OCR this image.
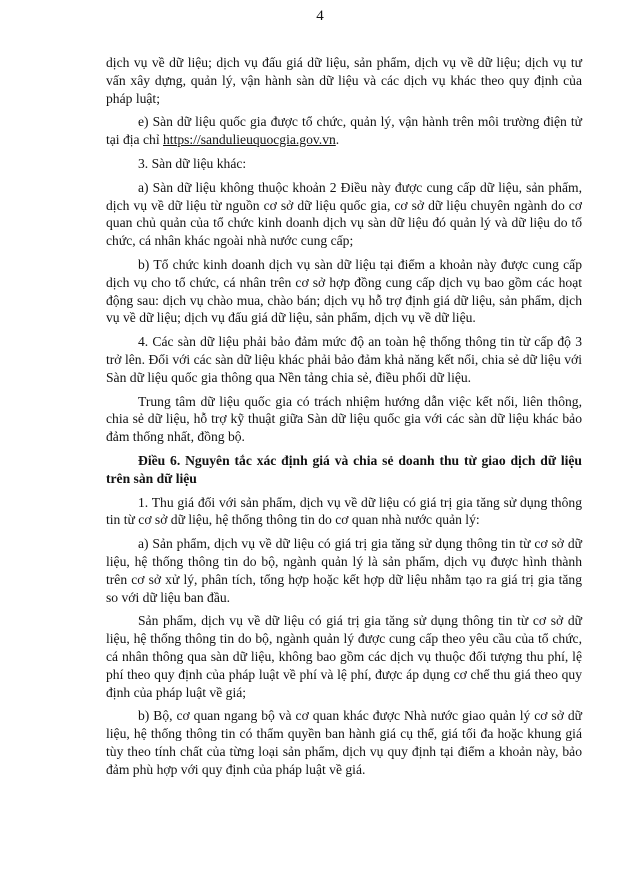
4

dịch vụ về dữ liệu; dịch vụ đấu giá dữ liệu, sản phẩm, dịch vụ về dữ liệu; dịch vụ tư vấn xây dựng, quản lý, vận hành sàn dữ liệu và các dịch vụ khác theo quy định của pháp luật;

e) Sàn dữ liệu quốc gia được tổ chức, quản lý, vận hành trên môi trường điện tử tại địa chỉ https://sandulieuquocgia.gov.vn.

3. Sàn dữ liệu khác:

a) Sàn dữ liệu không thuộc khoản 2 Điều này được cung cấp dữ liệu, sản phẩm, dịch vụ về dữ liệu từ nguồn cơ sở dữ liệu quốc gia, cơ sở dữ liệu chuyên ngành do cơ quan chủ quản của tổ chức kinh doanh dịch vụ sàn dữ liệu đó quản lý và dữ liệu do tổ chức, cá nhân khác ngoài nhà nước cung cấp;

b) Tổ chức kinh doanh dịch vụ sàn dữ liệu tại điểm a khoản này được cung cấp dịch vụ cho tổ chức, cá nhân trên cơ sở hợp đồng cung cấp dịch vụ bao gồm các hoạt động sau: dịch vụ chào mua, chào bán; dịch vụ hỗ trợ định giá dữ liệu, sản phẩm, dịch vụ về dữ liệu; dịch vụ đấu giá dữ liệu, sản phẩm, dịch vụ về dữ liệu.

4. Các sàn dữ liệu phải bảo đảm mức độ an toàn hệ thống thông tin từ cấp độ 3 trở lên. Đối với các sàn dữ liệu khác phải bảo đảm khả năng kết nối, chia sẻ dữ liệu với Sàn dữ liệu quốc gia thông qua Nền tảng chia sẻ, điều phối dữ liệu.

Trung tâm dữ liệu quốc gia có trách nhiệm hướng dẫn việc kết nối, liên thông, chia sẻ dữ liệu, hỗ trợ kỹ thuật giữa Sàn dữ liệu quốc gia với các sàn dữ liệu khác bảo đảm thống nhất, đồng bộ.

Điều 6. Nguyên tắc xác định giá và chia sẻ doanh thu từ giao dịch dữ liệu trên sàn dữ liệu

1. Thu giá đối với sản phẩm, dịch vụ về dữ liệu có giá trị gia tăng sử dụng thông tin từ cơ sở dữ liệu, hệ thống thông tin do cơ quan nhà nước quản lý:

a) Sản phẩm, dịch vụ về dữ liệu có giá trị gia tăng sử dụng thông tin từ cơ sở dữ liệu, hệ thống thông tin do bộ, ngành quản lý là sản phẩm, dịch vụ được hình thành trên cơ sở xử lý, phân tích, tổng hợp hoặc kết hợp dữ liệu nhằm tạo ra giá trị gia tăng so với dữ liệu ban đầu.

Sản phẩm, dịch vụ về dữ liệu có giá trị gia tăng sử dụng thông tin từ cơ sở dữ liệu, hệ thống thông tin do bộ, ngành quản lý được cung cấp theo yêu cầu của tổ chức, cá nhân thông qua sàn dữ liệu, không bao gồm các dịch vụ thuộc đối tượng thu phí, lệ phí theo quy định của pháp luật về phí và lệ phí, được áp dụng cơ chế thu giá theo quy định của pháp luật về giá;

b) Bộ, cơ quan ngang bộ và cơ quan khác được Nhà nước giao quản lý cơ sở dữ liệu, hệ thống thông tin có thẩm quyền ban hành giá cụ thể, giá tối đa hoặc khung giá tùy theo tính chất của từng loại sản phẩm, dịch vụ quy định tại điểm a khoản này, bảo đảm phù hợp với quy định của pháp luật về giá.
